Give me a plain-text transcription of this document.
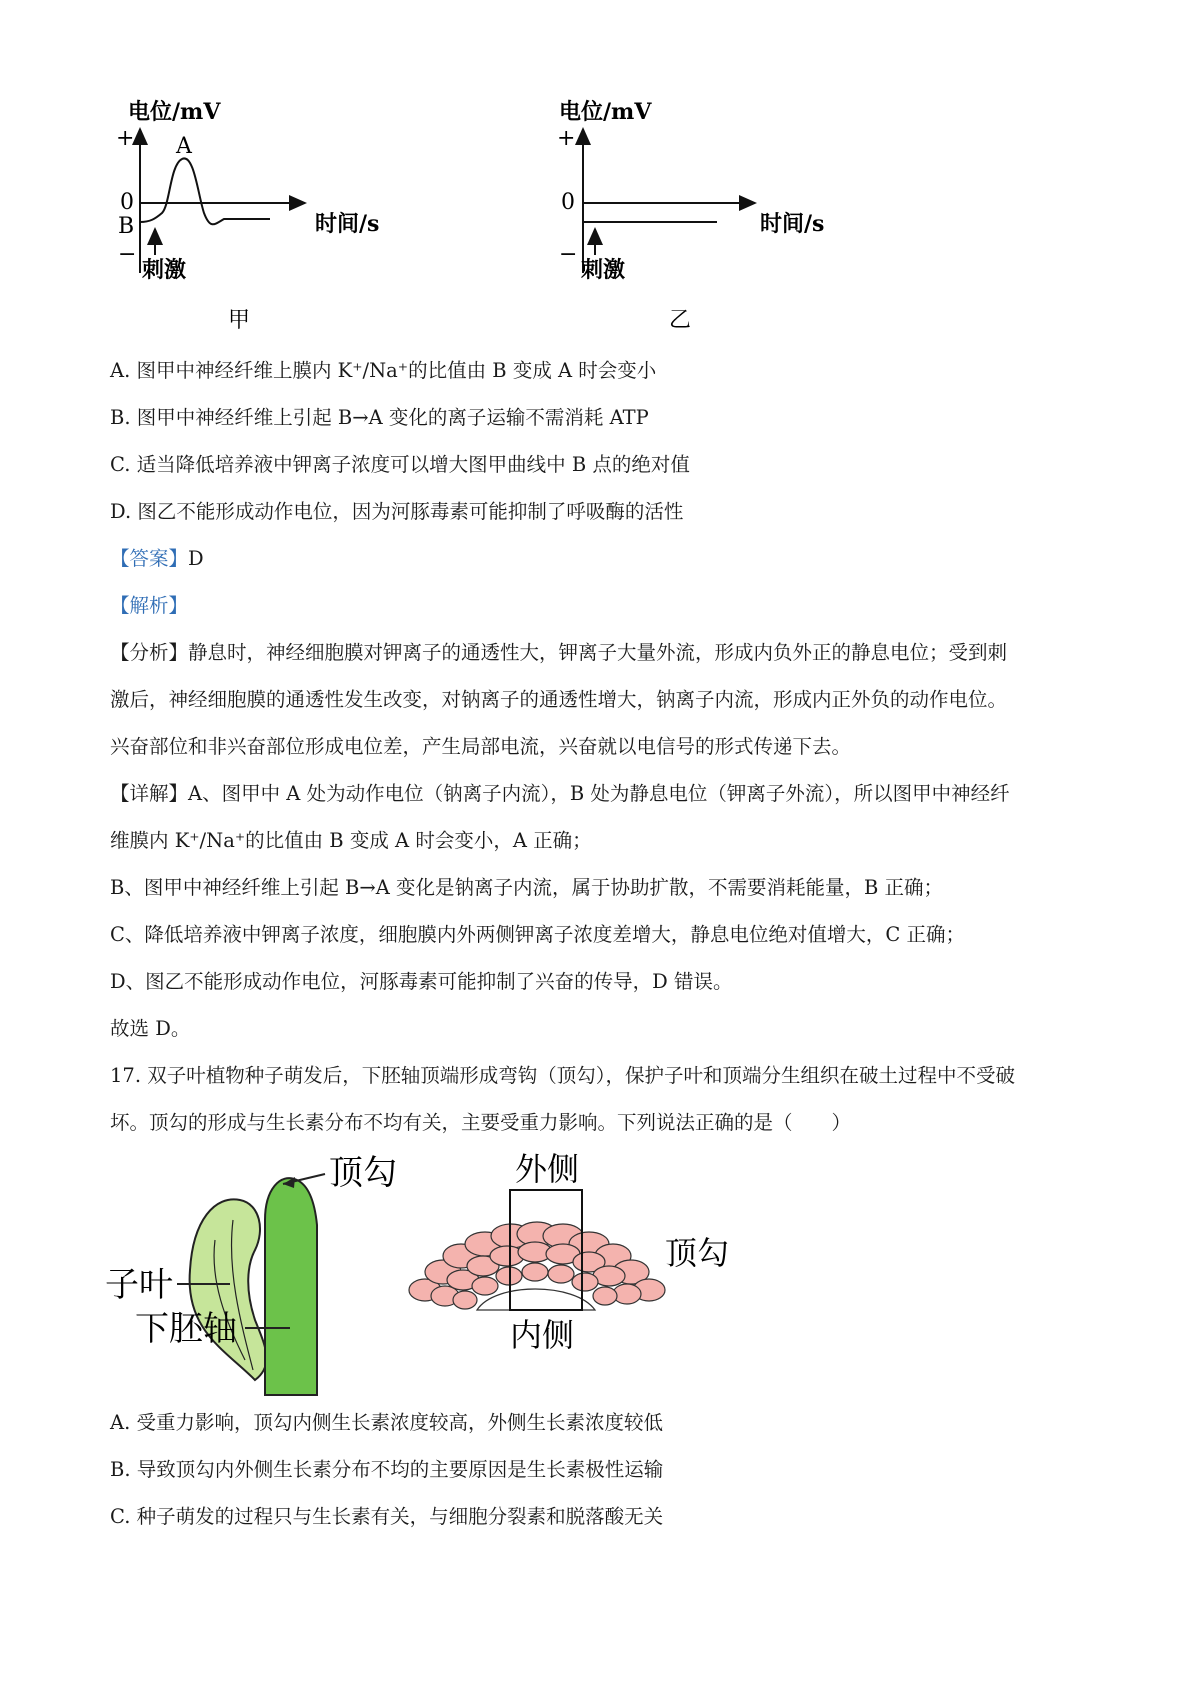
电位/mV
+
0
B
−
A
时间/s
刺激
甲
电位/mV
+
0
−
时间/s
刺激
乙
A. 图甲中神经纤维上膜内 K⁺/Na⁺的比值由 B 变成 A 时会变小
B. 图甲中神经纤维上引起 B→A 变化的离子运输不需消耗 ATP
C. 适当降低培养液中钾离子浓度可以增大图甲曲线中 B 点的绝对值
D. 图乙不能形成动作电位，因为河豚毒素可能抑制了呼吸酶的活性
【答案】D
【解析】
【分析】静息时，神经细胞膜对钾离子的通透性大，钾离子大量外流，形成内负外正的静息电位；受到刺
激后，神经细胞膜的通透性发生改变，对钠离子的通透性增大，钠离子内流，形成内正外负的动作电位。
兴奋部位和非兴奋部位形成电位差，产生局部电流，兴奋就以电信号的形式传递下去。
【详解】A、图甲中 A 处为动作电位（钠离子内流），B 处为静息电位（钾离子外流），所以图甲中神经纤
维膜内 K⁺/Na⁺的比值由 B 变成 A 时会变小，A 正确；
B、图甲中神经纤维上引起 B→A 变化是钠离子内流，属于协助扩散，不需要消耗能量，B 正确；
C、降低培养液中钾离子浓度，细胞膜内外两侧钾离子浓度差增大，静息电位绝对值增大，C 正确；
D、图乙不能形成动作电位，河豚毒素可能抑制了兴奋的传导，D 错误。
故选 D。
17. 双子叶植物种子萌发后，下胚轴顶端形成弯钩（顶勾），保护子叶和顶端分生组织在破土过程中不受破
坏。顶勾的形成与生长素分布不均有关，主要受重力影响。下列说法正确的是（　　）
顶勾
子叶
下胚轴
外侧
内侧
顶勾
A. 受重力影响，顶勾内侧生长素浓度较高，外侧生长素浓度较低
B. 导致顶勾内外侧生长素分布不均的主要原因是生长素极性运输
C. 种子萌发的过程只与生长素有关，与细胞分裂素和脱落酸无关
